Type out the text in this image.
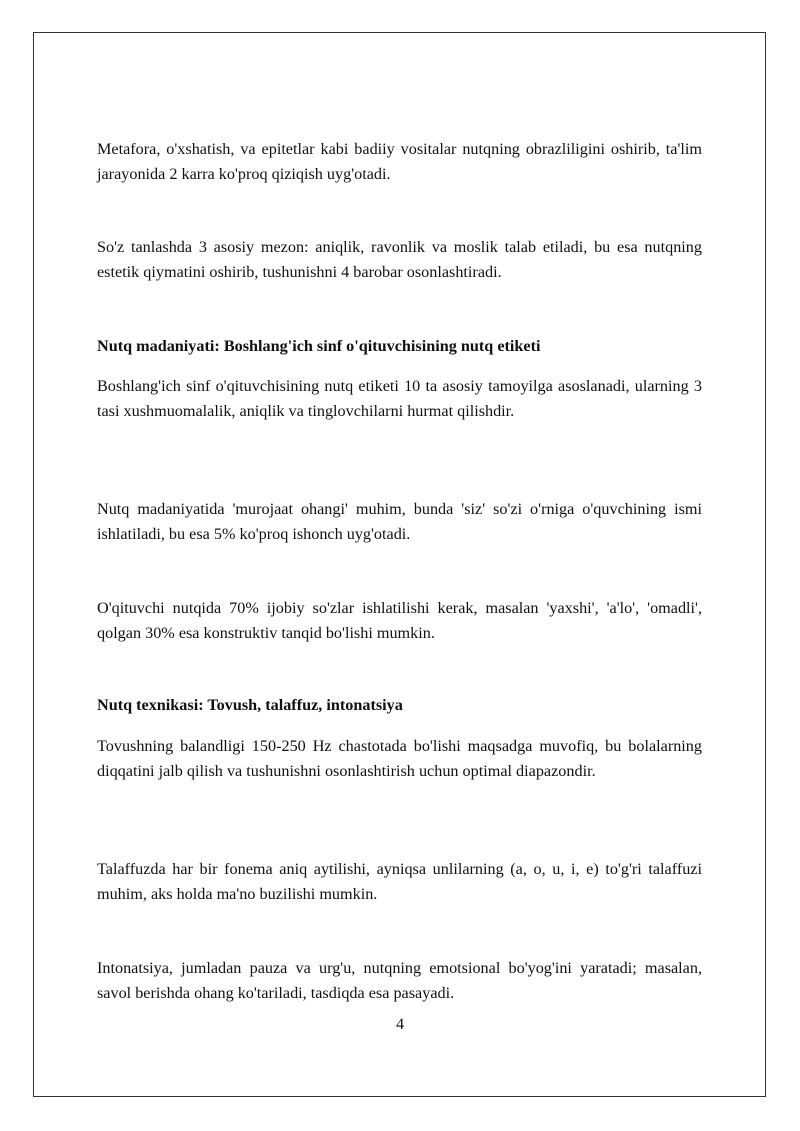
Metafora, o'xshatish, va epitetlar kabi badiiy vositalar nutqning obrazliligini oshirib, ta'lim jarayonida 2 karra ko'proq qiziqish uyg'otadi.

So'z tanlashda 3 asosiy mezon: aniqlik, ravonlik va moslik talab etiladi, bu esa nutqning estetik qiymatini oshirib, tushunishni 4 barobar osonlashtiradi.

Nutq madaniyati: Boshlang'ich sinf o'qituvchisining nutq etiketi

Boshlang'ich sinf o'qituvchisining nutq etiketi 10 ta asosiy tamoyilga asoslanadi, ularning 3 tasi xushmuomalalik, aniqlik va tinglovchilarni hurmat qilishdir.

Nutq madaniyatida 'murojaat ohangi' muhim, bunda 'siz' so'zi o'rniga o'quvchining ismi ishlatiladi, bu esa 5% ko'proq ishonch uyg'otadi.

O'qituvchi nutqida 70% ijobiy so'zlar ishlatilishi kerak, masalan 'yaxshi', 'a'lo', 'omadli', qolgan 30% esa konstruktiv tanqid bo'lishi mumkin.

Nutq texnikasi: Tovush, talaffuz, intonatsiya

Tovushning balandligi 150-250 Hz chastotada bo'lishi maqsadga muvofiq, bu bolalarning diqqatini jalb qilish va tushunishni osonlashtirish uchun optimal diapazondir.

Talaffuzda har bir fonema aniq aytilishi, ayniqsa unlilarning (a, o, u, i, e) to'g'ri talaffuzi muhim, aks holda ma'no buzilishi mumkin.

Intonatsiya, jumladan pauza va urg'u, nutqning emotsional bo'yog'ini yaratadi; masalan, savol berishda ohang ko'tariladi, tasdiqda esa pasayadi.

4
